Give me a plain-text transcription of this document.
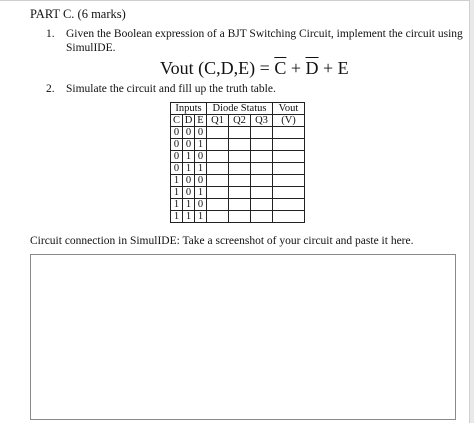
PART C. (6 marks)
1. Given the Boolean expression of a BJT Switching Circuit, implement the circuit using
SimulIDE.
Vout $(C,D,E) = \overline{C} + \overline{D} + E$
2. Simulate the circuit and fill up the truth table.
Inputs			Diode Status			Vout
C	D	E	Q1	Q2	Q3	(V)
0	0	0				
0	0	1				
0	1	0				
0	1	1				
1	0	0				
1	0	1				
1	1	0				
1	1	1				
Circuit connection in SimulIDE: Take a screenshot of your circuit and paste it here.
